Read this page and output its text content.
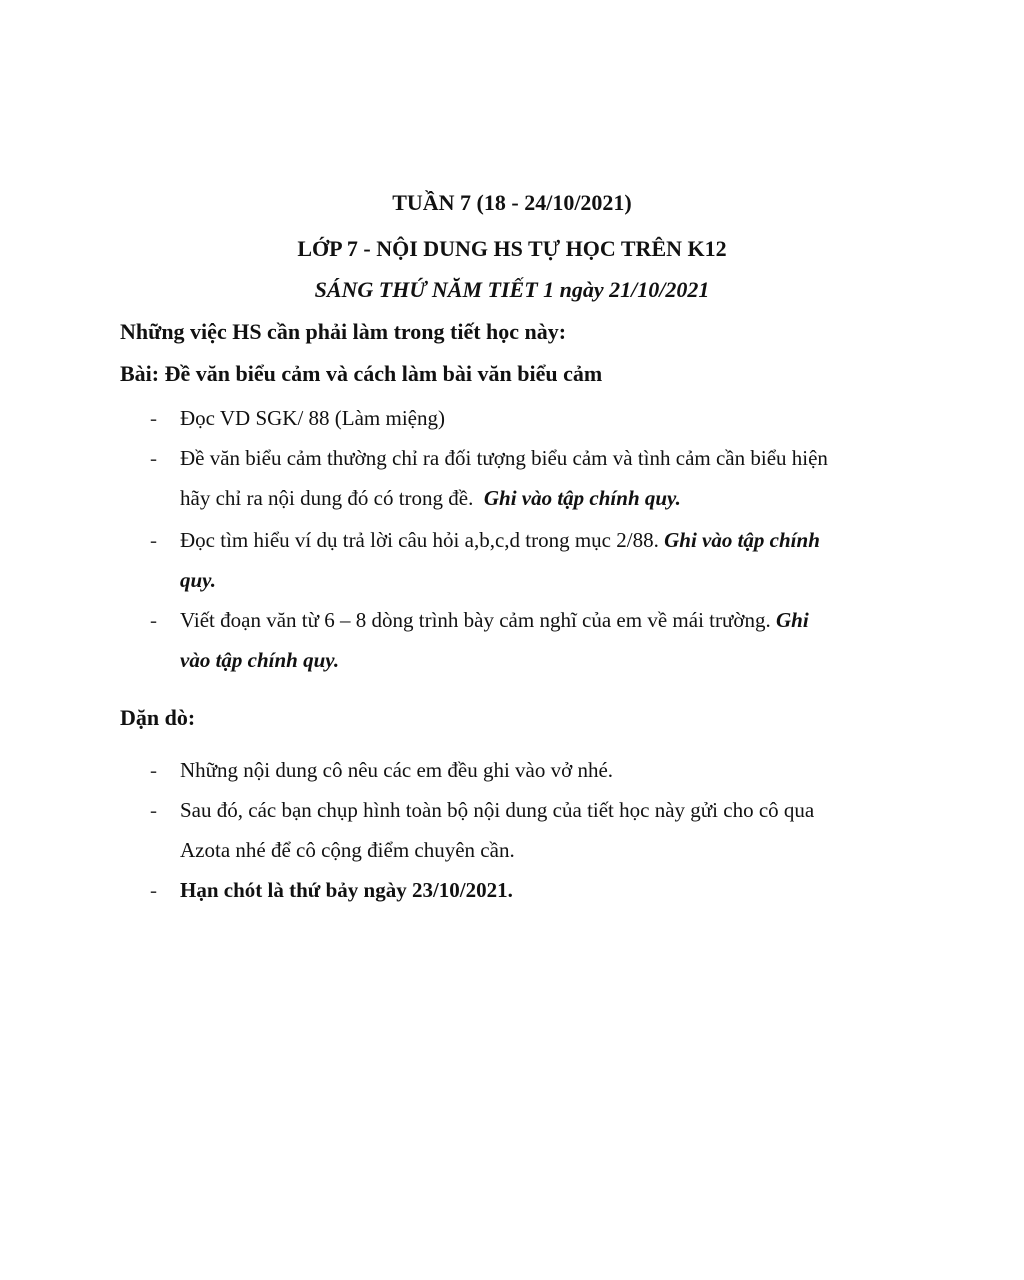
TUẦN 7 (18 - 24/10/2021)
LỚP 7 - NỘI DUNG HS TỰ HỌC TRÊN K12
SÁNG THỨ NĂM TIẾT 1 ngày 21/10/2021
Những việc HS cần phải làm trong tiết học này:
Bài: Đề văn biểu cảm và cách làm bài văn biểu cảm
-	Đọc VD SGK/ 88 (Làm miệng)
-	Đề văn biểu cảm thường chỉ ra đối tượng biểu cảm và tình cảm cần biểu hiện
hãy chỉ ra nội dung đó có trong đề.  Ghi vào tập chính quy.
-	Đọc tìm hiểu ví dụ trả lời câu hỏi a,b,c,d trong mục 2/88. Ghi vào tập chính
quy.
-	Viết đoạn văn từ 6 – 8 dòng trình bày cảm nghĩ của em về mái trường. Ghi
vào tập chính quy.
Dặn dò:
-	Những nội dung cô nêu các em đều ghi vào vở nhé.
-	Sau đó, các bạn chụp hình toàn bộ nội dung của tiết học này gửi cho cô qua
Azota nhé để cô cộng điểm chuyên cần.
-	Hạn chót là thứ bảy ngày 23/10/2021.
